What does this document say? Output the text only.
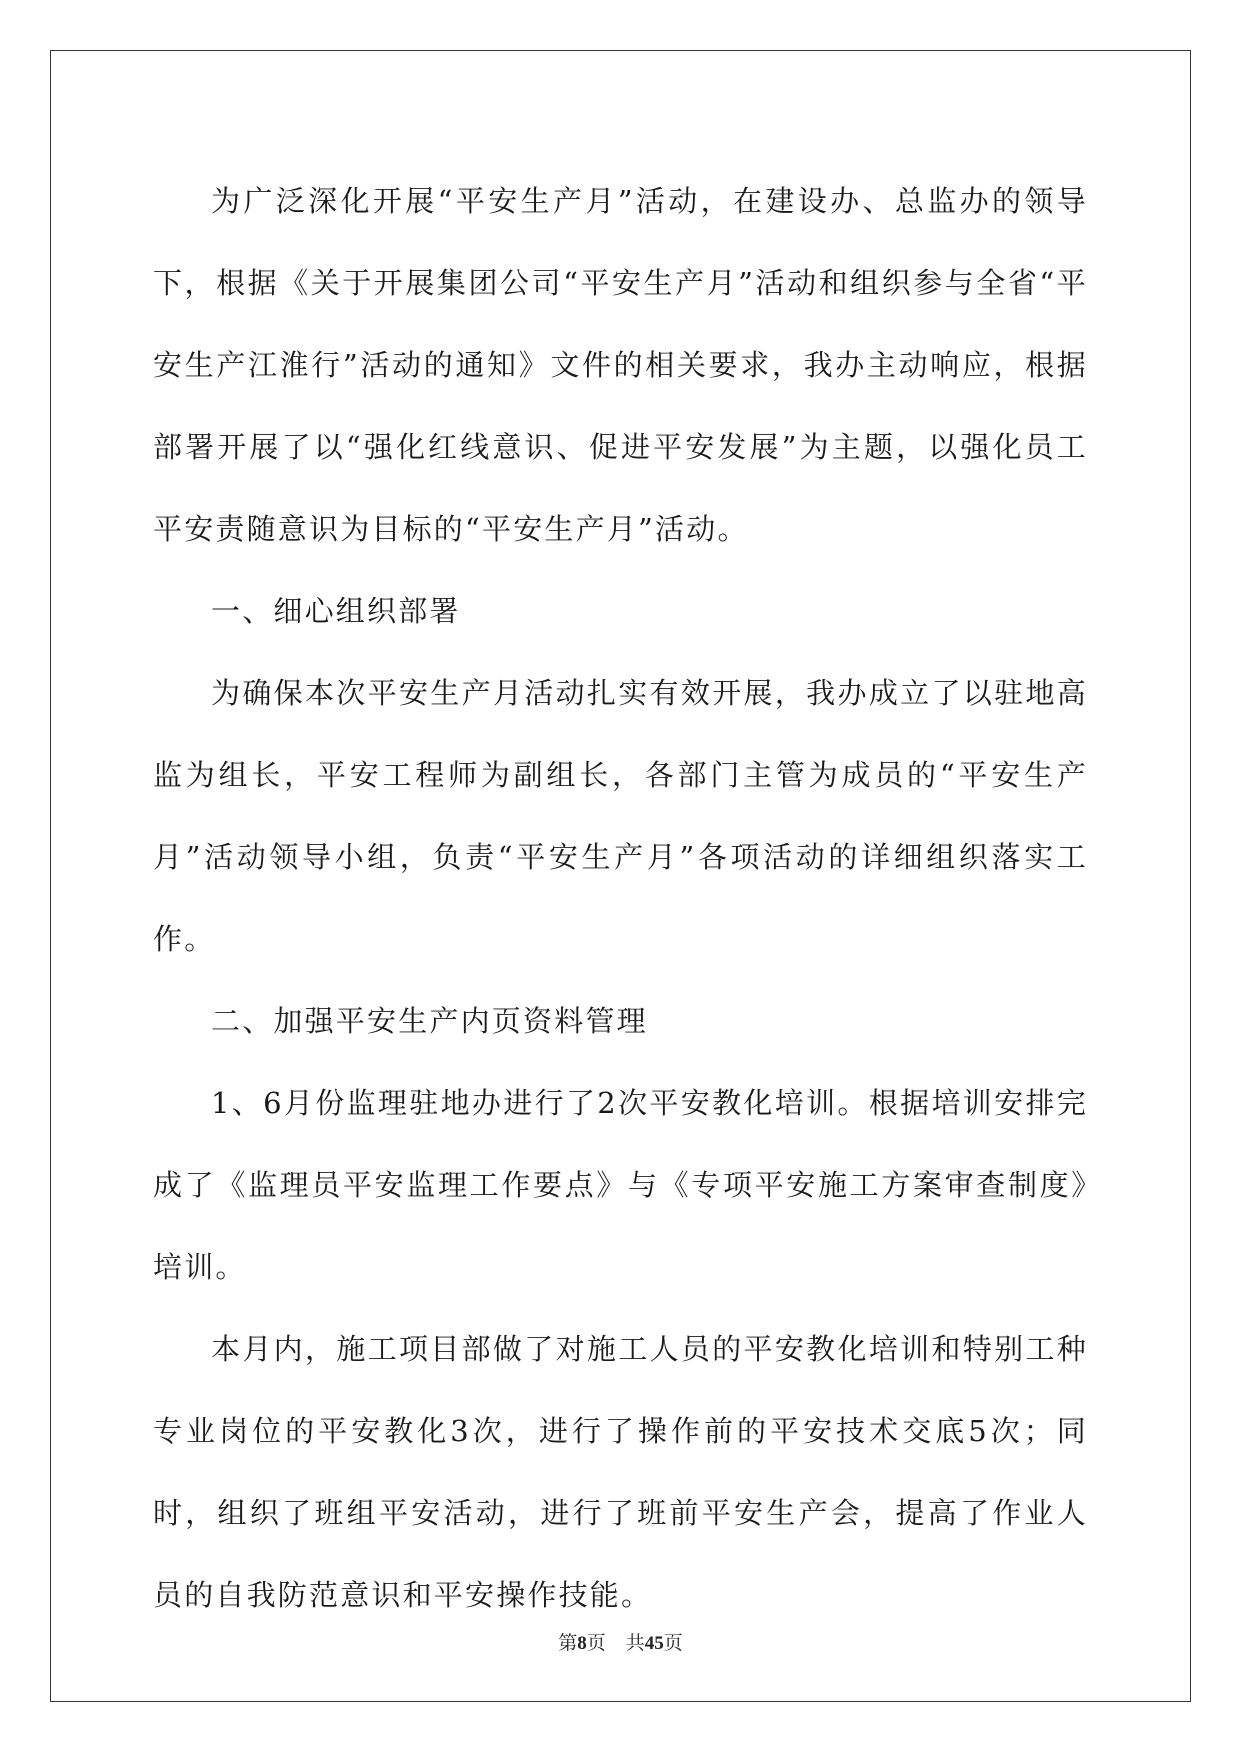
为广泛深化开展“平安生产月”活动，在建设办、总监办的领导下，根据《关于开展集团公司“平安生产月”活动和组织参与全省“平安生产江淮行”活动的通知》文件的相关要求，我办主动响应，根据部署开展了以“强化红线意识、促进平安发展”为主题，以强化员工平安责随意识为目标的“平安生产月”活动。

一、细心组织部署

为确保本次平安生产月活动扎实有效开展，我办成立了以驻地高监为组长，平安工程师为副组长，各部门主管为成员的“平安生产月”活动领导小组，负责“平安生产月”各项活动的详细组织落实工作。

二、加强平安生产内页资料管理

1、6月份监理驻地办进行了2次平安教化培训。根据培训安排完成了《监理员平安监理工作要点》与《专项平安施工方案审查制度》培训。

本月内，施工项目部做了对施工人员的平安教化培训和特别工种专业岗位的平安教化3次，进行了操作前的平安技术交底5次；同时，组织了班组平安活动，进行了班前平安生产会，提高了作业人员的自我防范意识和平安操作技能。

第8页 共45页
